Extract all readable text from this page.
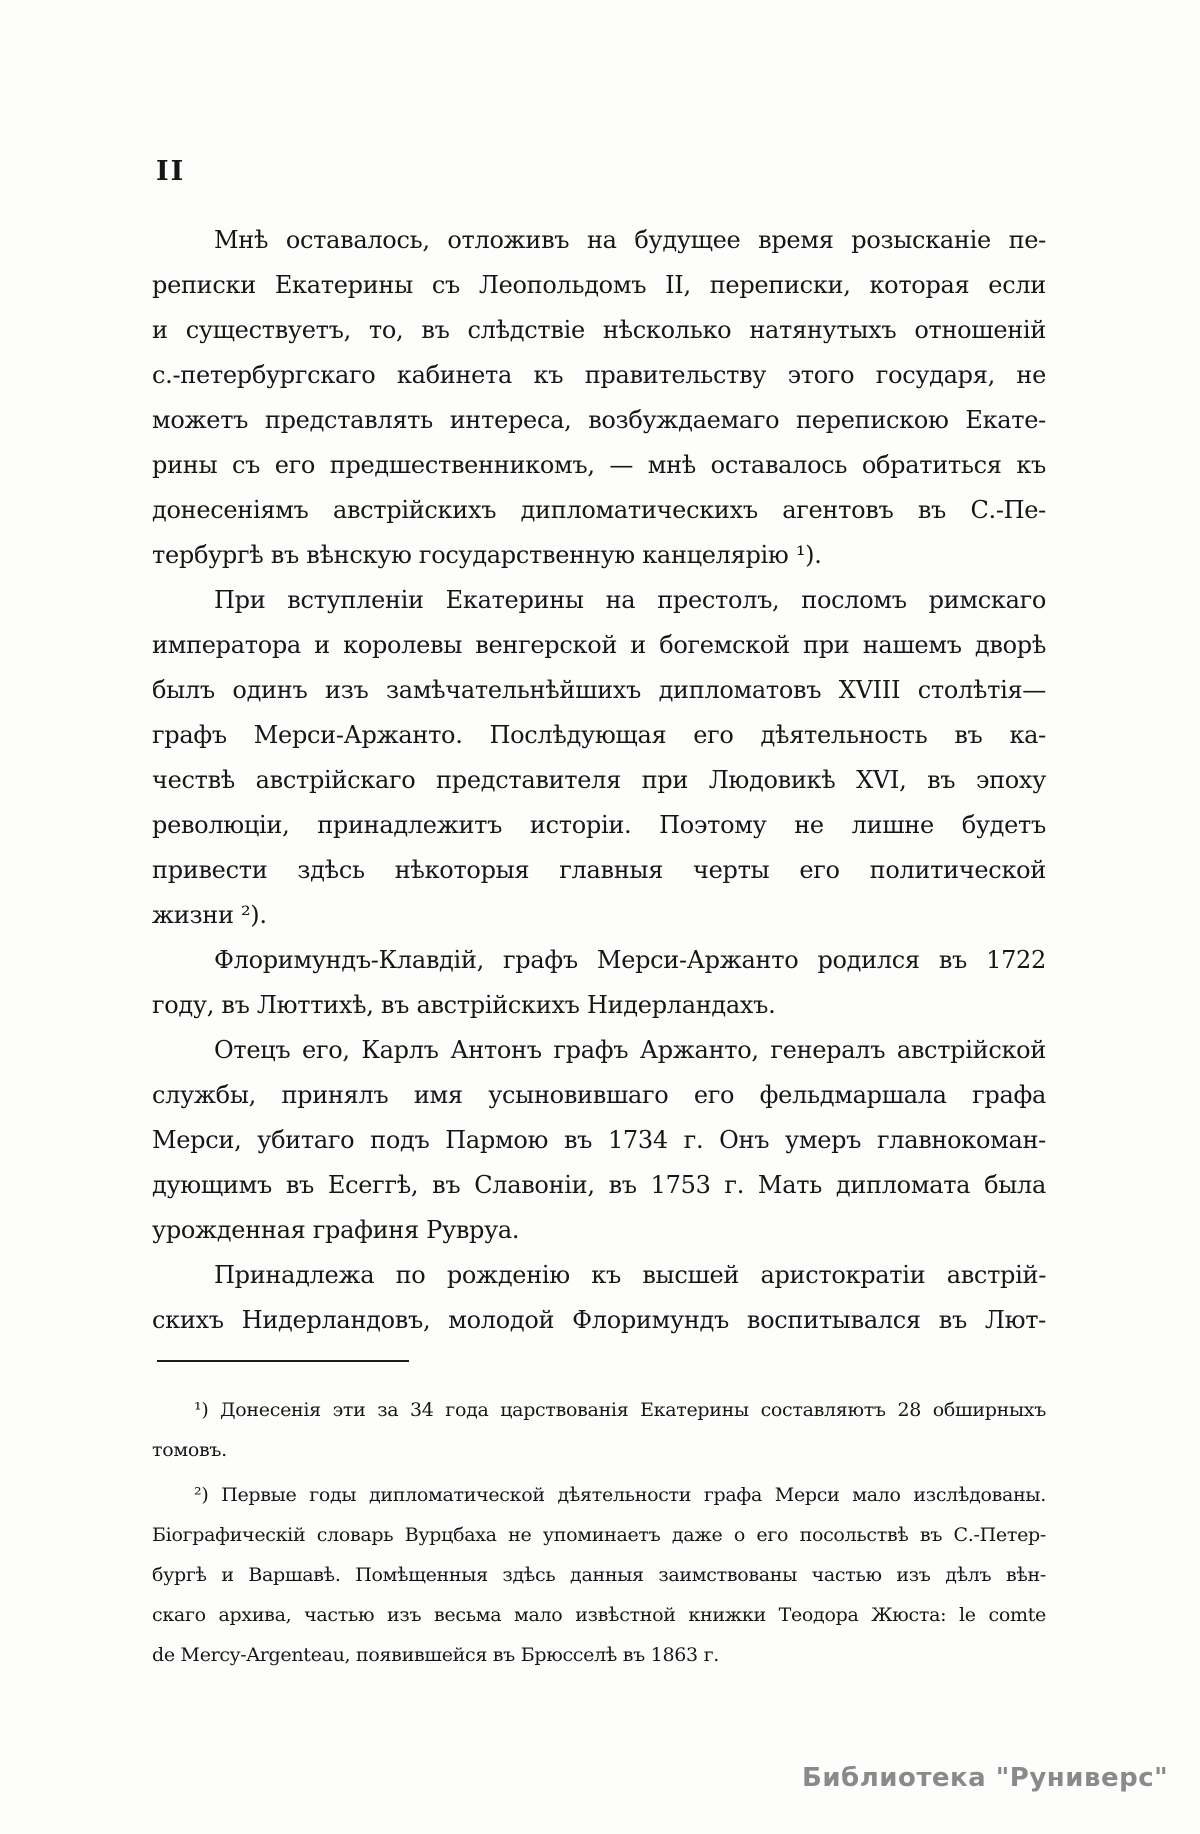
II
Мнѣ оставалось, отложивъ на будущее время розысканіе пе-
реписки Екатерины съ Леопольдомъ II, переписки, которая если
и существуетъ, то, въ слѣдствіе нѣсколько натянутыхъ отношеній
с.-петербургскаго кабинета къ правительству этого государя, не
можетъ представлять интереса, возбуждаемаго перепискою Екате-
рины съ его предшественникомъ, — мнѣ оставалось обратиться къ
донесеніямъ австрійскихъ дипломатическихъ агентовъ въ С.-Пе-
тербургѣ въ вѣнскую государственную канцелярію ¹).
При вступленіи Екатерины на престолъ, посломъ римскаго
императора и королевы венгерской и богемской при нашемъ дворѣ
былъ одинъ изъ замѣчательнѣйшихъ дипломатовъ XVIII столѣтія—
графъ Мерси-Аржанто. Послѣдующая его дѣятельность въ ка-
чествѣ австрійскаго представителя при Людовикѣ XVI, въ эпоху
революціи, принадлежитъ исторіи. Поэтому не лишне будетъ
привести здѣсь нѣкоторыя главныя черты его политической
жизни ²).
Флоримундъ-Клавдій, графъ Мерси-Аржанто родился въ 1722
году, въ Люттихѣ, въ австрійскихъ Нидерландахъ.
Отецъ его, Карлъ Антонъ графъ Аржанто, генералъ австрійской
службы, принялъ имя усыновившаго его фельдмаршала графа
Мерси, убитаго подъ Пармою въ 1734 г. Онъ умеръ главнокоман-
дующимъ въ Есеггѣ, въ Славоніи, въ 1753 г. Мать дипломата была
урожденная графиня Рувруа.
Принадлежа по рожденію къ высшей аристократіи австрій-
скихъ Нидерландовъ, молодой Флоримундъ воспитывался въ Лют-
¹) Донесенія эти за 34 года царствованія Екатерины составляютъ 28 обширныхъ
томовъ.
²) Первые годы дипломатической дѣятельности графа Мерси мало изслѣдованы.
Біографическій словарь Вурцбаха не упоминаетъ даже о его посольствѣ въ С.-Петер-
бургѣ и Варшавѣ. Помѣщенныя здѣсь данныя заимствованы частью изъ дѣлъ вѣн-
скаго архива, частью изъ весьма мало извѣстной книжки Теодора Жюста: le comte
de Mercy-Argenteau, появившейся въ Брюсселѣ въ 1863 г.
Библиотека "Руниверс"
